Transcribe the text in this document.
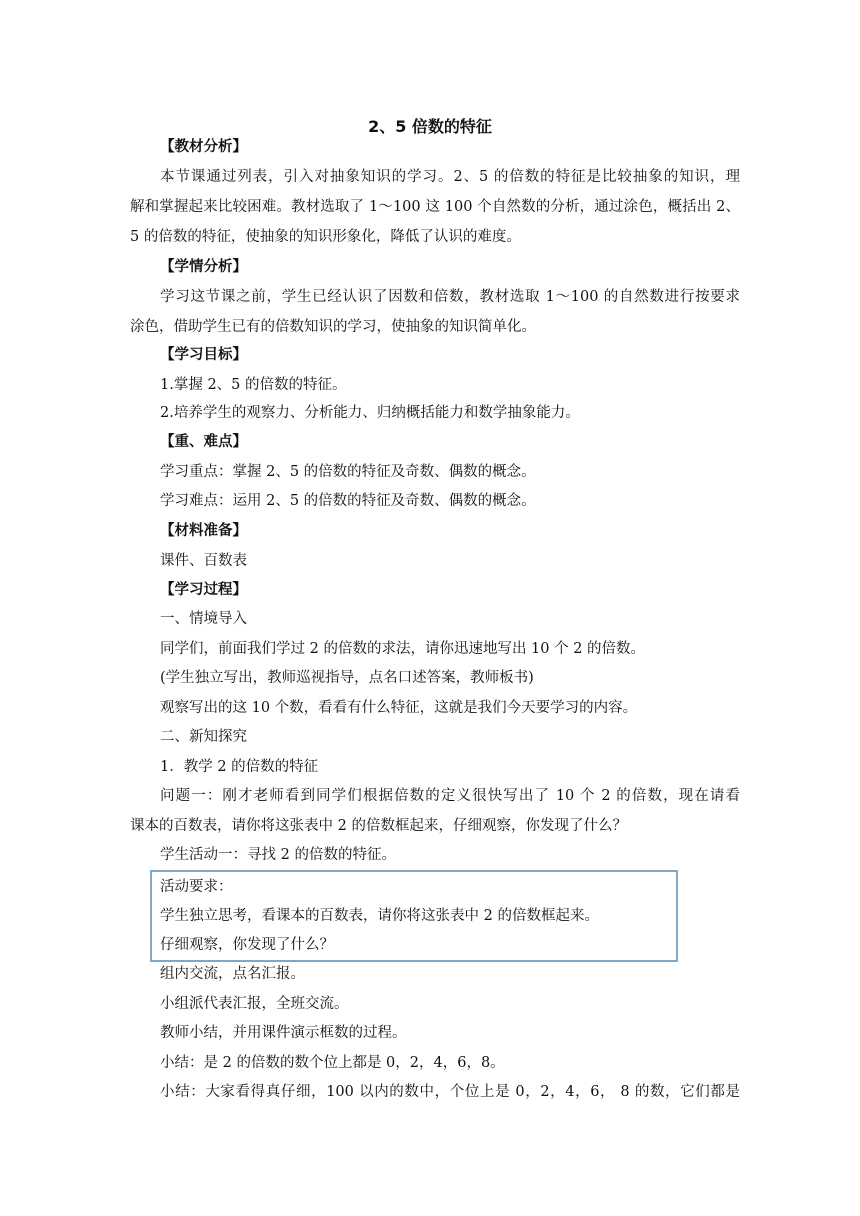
2、5 倍数的特征
【教材分析】
本节课通过列表，引入对抽象知识的学习。2、5 的倍数的特征是比较抽象的知识，理
解和掌握起来比较困难。教材选取了 1～100 这 100 个自然数的分析，通过涂色，概括出 2、
5 的倍数的特征，使抽象的知识形象化，降低了认识的难度。
【学情分析】
学习这节课之前，学生已经认识了因数和倍数，教材选取 1～100 的自然数进行按要求
涂色，借助学生已有的倍数知识的学习，使抽象的知识简单化。
【学习目标】
1.掌握 2、5 的倍数的特征。
2.培养学生的观察力、分析能力、归纳概括能力和数学抽象能力。
【重、难点】
学习重点：掌握 2、5 的倍数的特征及奇数、偶数的概念。
学习难点：运用 2、5 的倍数的特征及奇数、偶数的概念。
【材料准备】
课件、百数表
【学习过程】
一、情境导入
同学们，前面我们学过 2 的倍数的求法，请你迅速地写出 10 个 2 的倍数。
(学生独立写出，教师巡视指导，点名口述答案，教师板书)
观察写出的这 10 个数，看看有什么特征，这就是我们今天要学习的内容。
二、新知探究
1．教学 2 的倍数的特征
问题一：刚才老师看到同学们根据倍数的定义很快写出了 10 个 2 的倍数，现在请看
课本的百数表，请你将这张表中 2 的倍数框起来，仔细观察，你发现了什么？
学生活动一：寻找 2 的倍数的特征。
活动要求：
学生独立思考，看课本的百数表，请你将这张表中 2 的倍数框起来。
仔细观察，你发现了什么？
组内交流，点名汇报。
小组派代表汇报，全班交流。
教师小结，并用课件演示框数的过程。
小结：是 2 的倍数的数个位上都是 0，2，4，6，8。
小结：大家看得真仔细，100 以内的数中，个位上是 0，2，4，6， 8 的数，它们都是
